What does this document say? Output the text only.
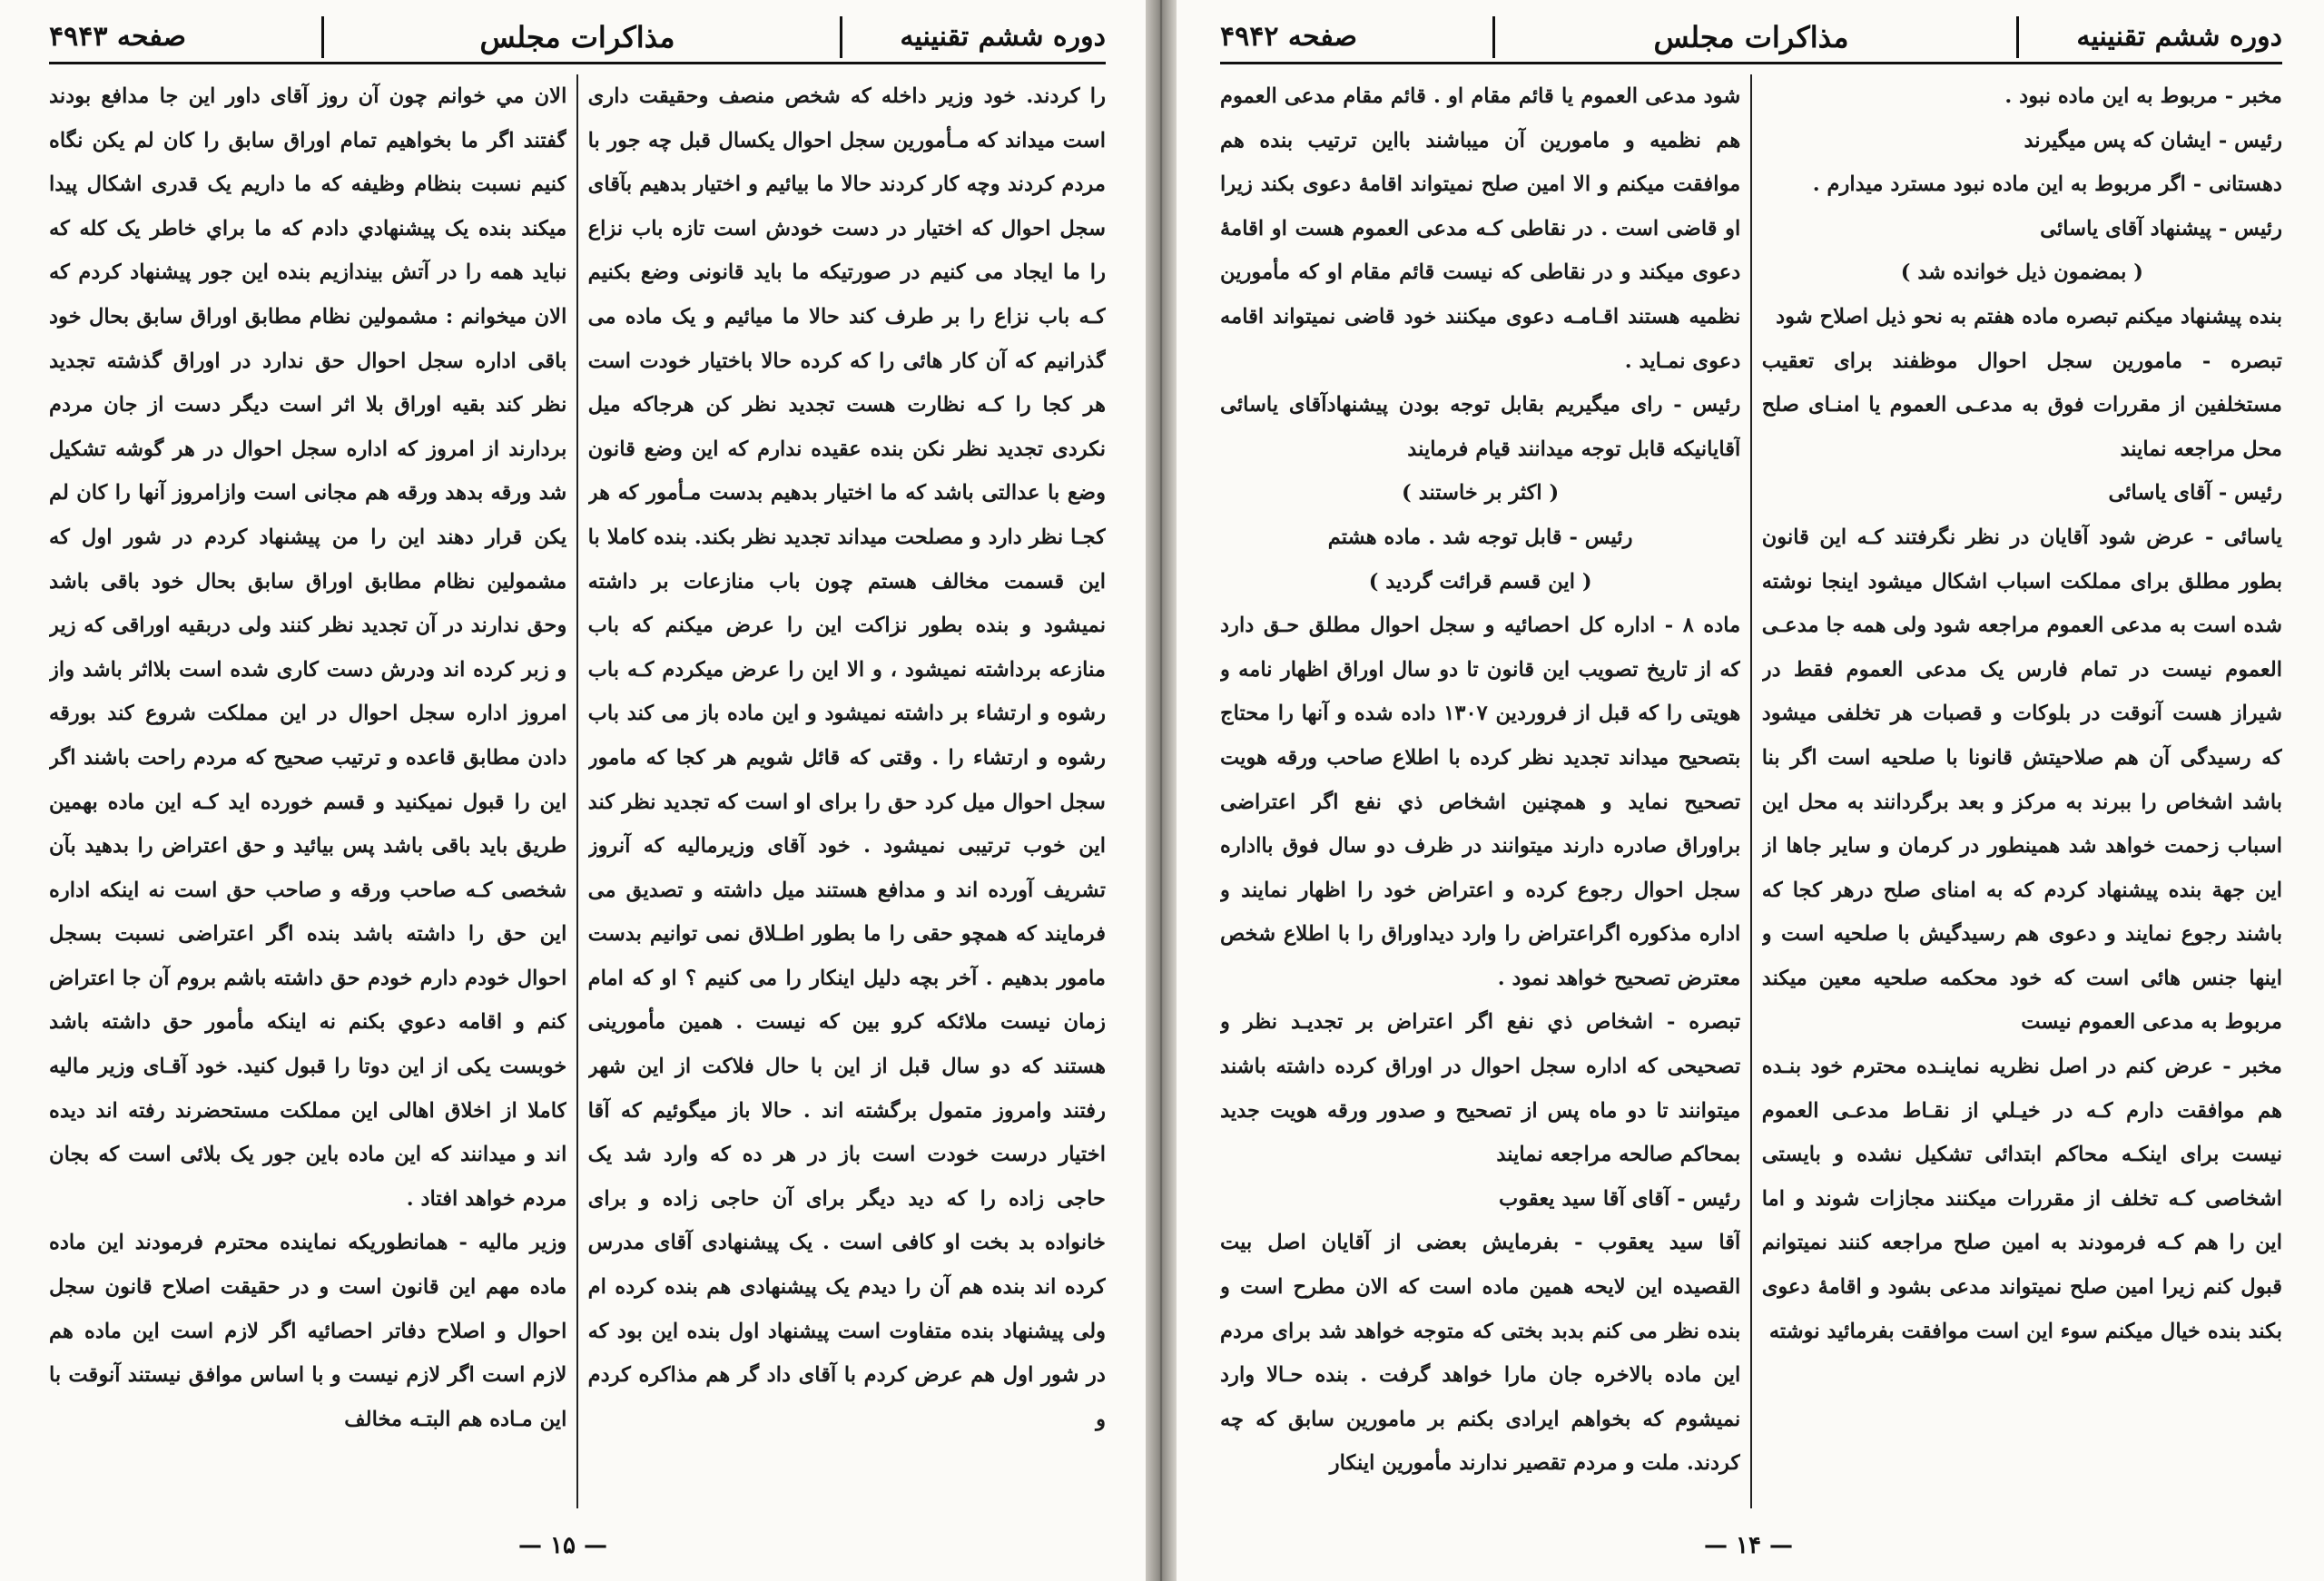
دوره ششم تقنینیه
مذاکرات مجلس
صفحه ۴۹۴۳

را کردند. خود وزیر داخله که شخص منصف وحقیقت داری است میداند که مـأمورین سجل احوال یکسال قبل چه جور با مردم کردند وچه کار کردند حالا ما بیائیم و اختیار بدهیم بآقای سجل احوال که اختیار در دست خودش است تازه باب نزاع را ما ایجاد می کنیم در صورتیکه ما باید قانونی وضع بکنیم کـه باب نزاع را بر طرف کند حالا ما میائیم و یک ماده می گذرانیم که آن کار هائی را که کرده حالا باختیار خودت است هر کجا را کـه نظارت هست تجدید نظر کن هرجاکه میل نکردی تجدید نظر نکن بنده عقیده ندارم که این وضع قانون وضع با عدالتی باشد که ما اختیار بدهیم بدست مـأمور که هر کجـا نظر دارد و مصلحت میداند تجدید نظر بکند. بنده کاملا با این قسمت مخالف هستم چون باب منازعات بر داشته نمیشود و بنده بطور نزاکت این را عرض میکنم که باب منازعه برداشته نمیشود ، و الا این را عرض میکردم کـه باب رشوه و ارتشاء بر داشته نمیشود و این ماده باز می کند باب رشوه و ارتشاء را . وقتی که قائل شویم هر کجا که مامور سجل احوال میل کرد حق را برای او است که تجدید نظر کند این خوب ترتیبی نمیشود . خود آقای وزیرمالیه که آنروز تشریف آورده اند و مدافع هستند میل داشته و تصدیق می فرمایند که همچو حقی را ما بطور اطـلاق نمی توانیم بدست مامور بدهیم . آخر بچه دلیل اینکار را می کنیم ؟ او که امام زمان نیست ملائکه کرو بین که نیست . همین مأمورینی هستند که دو سال قبل از این با حال فلاکت از این شهر رفتند وامروز متمول برگشته اند . حالا باز میگوئیم که آقا اختیار درست خودت است باز در هر ده که وارد شد یک حاجی زاده را که دید دیگر برای آن حاجی زاده و برای خانواده بد بخت او کافی است . یک پیشنهادی آقای مدرس کرده اند بنده هم آن را دیدم یک پیشنهادی هم بنده کرده ام ولی پیشنهاد بنده متفاوت است پیشنهاد اول بنده این بود که در شور اول هم عرض کردم با آقای داد گر هم مذاکره کردم و

الان مي خوانم چون آن روز آقای داور این جا مدافع بودند گفتند اگر ما بخواهیم تمام اوراق سابق را کان لم یکن نگاه کنیم نسبت بنظام وظیفه که ما داریم یک قدری اشکال پیدا میکند بنده یک پیشنهادي دادم که ما براي خاطر یک کله که نباید همه را در آتش بیندازیم بنده این جور پیشنهاد کردم که الان میخوانم : مشمولین نظام مطابق اوراق سابق بحال خود باقی اداره سجل احوال حق ندارد در اوراق گذشته تجدید نظر کند بقیه اوراق بلا اثر است دیگر دست از جان مردم بردارند از امروز که اداره سجل احوال در هر گوشه تشکیل شد ورقه بدهد ورقه هم مجانی است وازامروز آنها را کان لم یکن قرار دهند این را من پیشنهاد کردم در شور اول که مشمولین نظام مطابق اوراق سابق بحال خود باقی باشد وحق ندارند در آن تجدید نظر کنند ولی دربقیه اوراقی که زیر و زبر کرده اند ودرش دست کاری شده است بلااثر باشد واز امروز اداره سجل احوال در این مملکت شروع کند بورقه دادن مطابق قاعده و ترتیب صحیح که مردم راحت باشند اگر این را قبول نمیکنید و قسم خورده اید کـه این ماده بهمین طریق باید باقی باشد پس بیائید و حق اعتراض را بدهید بآن شخصی کـه صاحب ورقه و صاحب حق است نه اینکه اداره این حق را داشته باشد بنده اگر اعتراضی نسبت بسجل احوال خودم دارم خودم حق داشته باشم بروم آن جا اعتراض کنم و اقامه دعوي بکنم نه اینکه مأمور حق داشته باشد خوبست یکی از این دوتا را قبول کنید. خود آقـای وزیر مالیه کاملا از اخلاق اهالی این مملکت مستحضرند رفته اند دیده اند و میدانند که این ماده باین جور یک بلائی است که بجان مردم خواهد افتاد .

وزیر مالیه - همانطوریکه نماینده محترم فرمودند این ماده ماده مهم این قانون است و در حقیقت اصلاح قانون سجل احوال و اصلاح دفاتر احصائیه اگر لازم است این ماده هم لازم است اگر لازم نیست و با اساس موافق نیستند آنوقت با این مـاده هم البتـه مخالف

— ١۵ —
دوره ششم تقنینیه
مذاکرات مجلس
صفحه ۴۹۴۲

مخبر - مربوط به این ماده نبود .

رئیس - ایشان که پس میگیرند

دهستانی - اگر مربوط به این ماده نبود مسترد میدارم .

رئیس - پیشنهاد آقای یاسائی

( بمضمون ذیل خوانده شد )

بنده پیشنهاد میکنم تبصره ماده هفتم به نحو ذیل اصلاح شود

تبصره - مامورین سجل احوال موظفند برای تعقیب مستخلفین از مقررات فوق به مدعـی العموم یا امنـای صلح محل مراجعه نمایند

رئیس - آقای یاسائی

یاسائی - عرض شود آقایان در نظر نگرفتند کـه این قانون بطور مطلق برای مملکت اسباب اشکال میشود اینجا نوشته شده است به مدعی العموم مراجعه شود ولی همه جا مدعـی العموم نیست در تمام فارس یک مدعی العموم فقط در شیراز هست آنوقت در بلوکات و قصبات هر تخلفی میشود که رسیدگی آن هم صلاحیتش قانونا با صلحیه است اگر بنا باشد اشخاص را ببرند به مرکز و بعد برگردانند به محل این اسباب زحمت خواهد شد همینطور در کرمان و سایر جاها از این جهة بنده پیشنهاد کردم که به امنای صلح درهر کجا که باشند رجوع نمایند و دعوی هم رسیدگیش با صلحیه است و اینها جنس هائی است که خود محکمه صلحیه معین میکند مربوط به مدعی العموم نیست

مخبر - عرض کنم در اصل نظریه نماینـده محترم خود بنـده هم موافقت دارم کـه در خیـلي از نقـاط مدعـی العموم نیست برای اینکـه محاکم ابتدائی تشکیل نشده و بایستی اشخاصی کـه تخلف از مقررات میکنند مجازات شوند و اما این را هم کـه فرمودند به امین صلح مراجعه کنند نمیتوانم قبول کنم زیرا امین صلح نمیتواند مدعی بشود و اقامهٔ دعوی بکند بنده خیال میکنم سوء این است موافقت بفرمائید نوشته

شود مدعی العموم یا قائم مقام او . قائم مقام مدعی العموم هم نظمیه و مامورین آن میباشند بااین ترتیب بنده هم موافقت میکنم و الا امین صلح نمیتواند اقامهٔ دعوی بکند زیرا او قاضی است . در نقاطی کـه مدعی العموم هست او اقامهٔ دعوی میکند و در نقاطی که نیست قائم مقام او که مأمورین نظمیه هستند اقـامـه دعوی میکنند خود قاضی نمیتواند اقامه دعوی نمـاید .

رئیس - رای میگیریم بقابل توجه بودن پیشنهادآقای یاسائی آقایانیکه قابل توجه میدانند قیام فرمایند

( اکثر بر خاستند )

رئیس - قابل توجه شد . ماده هشتم

( این قسم قرائت گردید )

ماده ۸ - اداره کل احصائیه و سجل احوال مطلق حـق دارد که از تاریخ تصویب این قانون تا دو سال اوراق اظهار نامه و هویتی را که قبل از فروردین ۱۳۰۷ داده شده و آنها را محتاج بتصحیح میداند تجدید نظر کرده با اطلاع صاحب ورقه هویت تصحیح نماید و همچنین اشخاص ذي نفع اگر اعتراضی براوراق صادره دارند میتوانند در ظرف دو سال فوق بااداره سجل احوال رجوع کرده و اعتراض خود را اظهار نمایند و اداره مذکوره اگراعتراض را وارد دیداوراق را با اطلاع شخص معترض تصحیح خواهد نمود .

تبصره - اشخاص ذي نفع اگر اعتراض بر تجدیـد نظر و تصحیحی که اداره سجل احوال در اوراق کرده داشته باشند میتوانند تا دو ماه پس از تصحیح و صدور ورقه هویت جدید بمحاکم صالحه مراجعه نمایند

رئیس - آقای آقا سید یعقوب

آقا سید یعقوب - بفرمایش بعضی از آقایان اصل بیت القصیده این لایحه همین ماده است که الان مطرح است و بنده نظر می کنم بدبد بختی که متوجه خواهد شد برای مردم این ماده بالاخره جان مارا خواهد گرفت . بنده حـالا وارد نمیشوم که بخواهم ایرادی بکنم بر مامورین سابق که چه کردند. ملت و مردم تقصیر ندارند مأمورین اینکار

— ١۴ —
